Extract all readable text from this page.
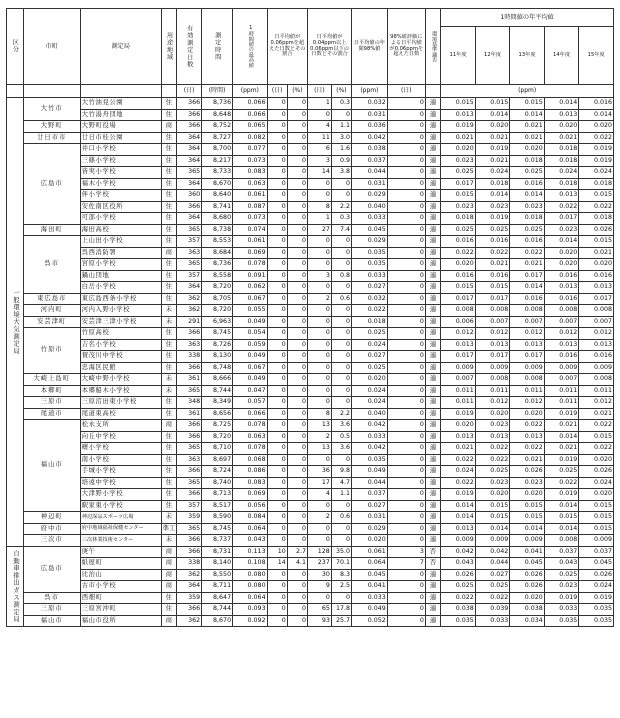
区分	市町	測定局	用途地域	有効測定日数	測定時間	1時間値の最高値	日平均値が0.06ppmを超えた日数とその割合		日平均値が0.04ppm以上0.06ppm以下の日数とその割合		日平均値の年間98%値	98%値評価による日平均値が0.06ppmを超えた日数	環境基準適否	1時間値の年平均値				
														11年度	12年度	13年度	14年度	15年度
				(日)	(時間)	(ppm)	(日)	(%)	(日)	(%)	(ppm)	(日)		(ppm)				
一般環境大気測定局	大竹市	大竹油見公園	住	366	8,736	0.066	0	0	1	0.3	0.032	0	適	0.015	0.015	0.015	0.014	0.016
		大竹湯舟団地	住	366	8,648	0.066	0	0	0	0	0.031	0	適	0.013	0.014	0.014	0.013	0.014
	大野町	大野町役場	商	366	8,752	0.065	0	0	4	1.1	0.036	0	適	0.019	0.020	0.021	0.020	0.020
	廿日市市	廿日市桂公園	住	364	8,727	0.082	0	0	11	3.0	0.042	0	適	0.021	0.021	0.021	0.021	0.022
	広島市	井口小学校	住	364	8,700	0.077	0	0	6	1.6	0.038	0	適	0.020	0.019	0.020	0.018	0.019
		三篠小学校	住	364	8,217	0.073	0	0	3	0.9	0.037	0	適	0.023	0.021	0.018	0.018	0.019
		皆実小学校	住	365	8,733	0.083	0	0	14	3.8	0.044	0	適	0.025	0.024	0.025	0.024	0.024
		福木小学校	住	364	8,670	0.063	0	0	0	0	0.031	0	適	0.017	0.018	0.016	0.018	0.018
		伴小学校	住	360	8,640	0.061	0	0	0	0	0.029	0	適	0.015	0.014	0.014	0.013	0.015
		安佐南区役所	住	366	8,741	0.087	0	0	8	2.2	0.040	0	適	0.023	0.023	0.023	0.022	0.022
		可部小学校	住	364	8,680	0.073	0	0	1	0.3	0.033	0	適	0.018	0.019	0.018	0.017	0.018
	海田町	海田高校	住	365	8,738	0.074	0	0	27	7.4	0.045	0	適	0.025	0.025	0.025	0.023	0.026
	呉市	上山田小学校	住	357	8,553	0.061	0	0	0	0	0.029	0	適	0.016	0.016	0.016	0.014	0.015
		呉西消防署	商	363	8,684	0.069	0	0	0	0	0.035	0	適	0.022	0.022	0.022	0.020	0.021
		宮原小学校	住	365	8,736	0.078	0	0	0	0	0.035	0	適	0.020	0.021	0.021	0.020	0.020
		鍋山団地	住	357	8,558	0.091	0	0	3	0.8	0.033	0	適	0.016	0.016	0.017	0.016	0.016
		白岳小学校	住	364	8,720	0.062	0	0	0	0	0.027	0	適	0.015	0.015	0.014	0.013	0.013
	東広島市	東広島西条小学校	住	362	8,705	0.067	0	0	2	0.6	0.032	0	適	0.017	0.017	0.016	0.016	0.017
	河内町	河内入野小学校	未	362	8,720	0.055	0	0	0	0	0.022	0	適	0.008	0.008	0.008	0.008	0.008
	安芸津町	安芸津三津小学校	未	291	6,963	0.049	0	0	0	0	0.018	0	適	0.006	0.007	0.007	0.007	0.007
	竹原市	竹原高校	住	366	8,745	0.054	0	0	0	0	0.025	0	適	0.012	0.012	0.012	0.012	0.012
		吉名小学校	住	363	8,726	0.059	0	0	0	0	0.024	0	適	0.013	0.013	0.013	0.013	0.013
		賀茂川中学校	住	338	8,130	0.049	0	0	0	0	0.027	0	適	0.017	0.017	0.017	0.016	0.016
		忠海区民館	住	366	8,748	0.067	0	0	0	0	0.025	0	適	0.009	0.009	0.009	0.009	0.009
	大崎上島町	大崎中野小学校	未	361	8,666	0.049	0	0	0	0	0.020	0	適	0.007	0.008	0.008	0.007	0.008
	本郷町	本郷船木小学校	未	365	8,744	0.047	0	0	0	0	0.024	0	適	0.011	0.011	0.011	0.011	0.011
	三原市	三原沼田東小学校	住	348	8,349	0.057	0	0	0	0	0.024	0	適	0.011	0.012	0.012	0.011	0.012
	尾道市	尾道東高校	住	361	8,656	0.066	0	0	8	2.2	0.040	0	適	0.019	0.020	0.020	0.019	0.021
	福山市	松永支所	商	366	8,725	0.078	0	0	13	3.6	0.042	0	適	0.020	0.023	0.022	0.021	0.022
		向丘中学校	住	366	8,720	0.063	0	0	2	0.5	0.033	0	適	0.013	0.013	0.013	0.014	0.015
		曙小学校	住	365	8,710	0.078	0	0	13	3.6	0.042	0	適	0.021	0.022	0.022	0.021	0.022
		南小学校	住	363	8,697	0.068	0	0	0	0	0.035	0	適	0.022	0.022	0.021	0.019	0.020
		手城小学校	住	366	8,724	0.086	0	0	36	9.8	0.049	0	適	0.024	0.025	0.026	0.025	0.026
		培遠中学校	住	365	8,740	0.083	0	0	17	4.7	0.044	0	適	0.022	0.023	0.023	0.022	0.024
		大津野小学校	住	366	8,713	0.069	0	0	4	1.1	0.037	0	適	0.019	0.020	0.020	0.019	0.020
		駅家東小学校	住	357	8,517	0.056	0	0	0	0	0.027	0	適	0.014	0.015	0.015	0.014	0.015
	神辺町	神辺深品スポーツ広場	未	359	8,590	0.084	0	0	2	0.6	0.031	0	適	0.014	0.015	0.015	0.015	0.015
	府中市	府中地域福祉保健センター	準工	365	8,745	0.064	0	0	0	0	0.029	0	適	0.013	0.014	0.014	0.014	0.015
	三次市	三次林業技術センター	未	366	8,737	0.043	0	0	0	0	0.020	0	適	0.009	0.009	0.009	0.008	0.009
自動車排出ガス測定局	広島市	庚午	商	366	8,731	0.113	10	2.7	128	35.0	0.061	3	否	0.042	0.042	0.041	0.037	0.037
		紙屋町	商	338	8,140	0.108	14	4.1	237	70.1	0.064	7	否	0.043	0.044	0.045	0.043	0.045
		比治山	商	362	8,550	0.080	0	0	30	8.3	0.045	0	適	0.026	0.027	0.026	0.025	0.026
		古市小学校	商	364	8,711	0.080	0	0	9	2.5	0.041	0	適	0.025	0.025	0.026	0.023	0.024
	呉市	西畑町	住	359	8,647	0.064	0	0	0	0	0.033	0	適	0.022	0.022	0.020	0.019	0.019
	三原市	三原宮沖町	住	366	8,744	0.093	0	0	65	17.8	0.049	0	適	0.038	0.039	0.038	0.033	0.035
	福山市	福山市役所	商	362	8,670	0.092	0	0	93	25.7	0.052	0	適	0.035	0.033	0.034	0.035	0.035
